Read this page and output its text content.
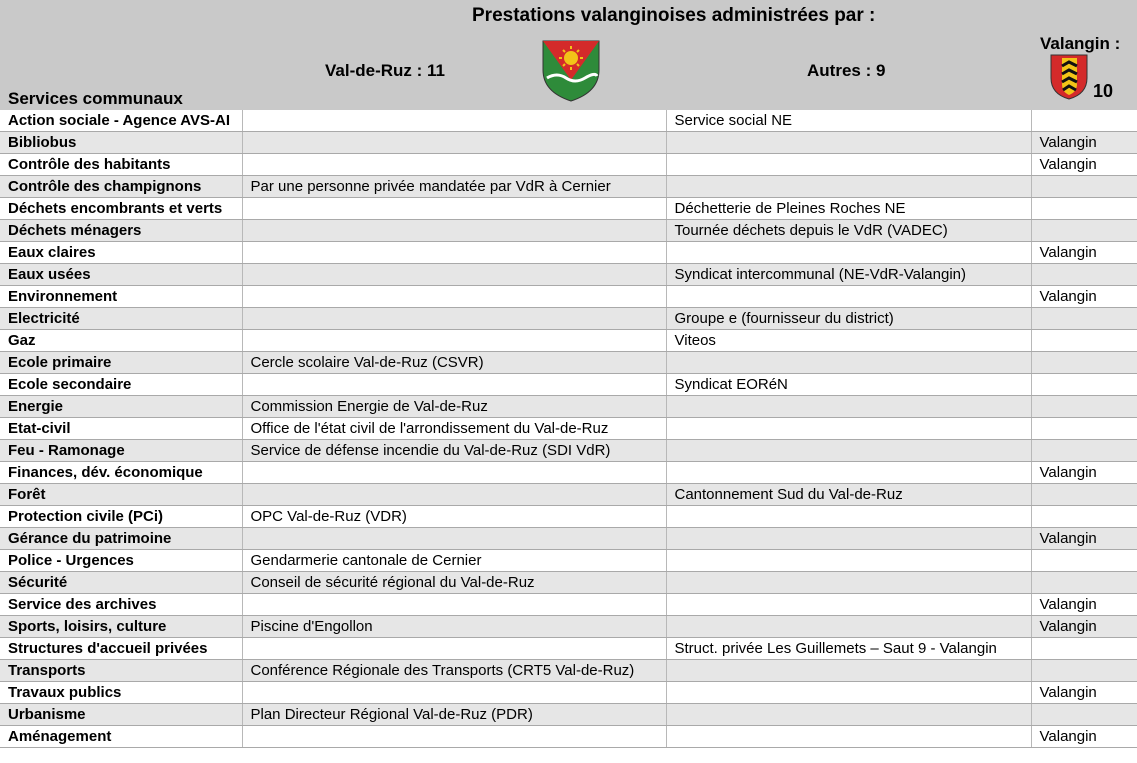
Prestations valanginoises administrées par :
Val-de-Ruz : 11	Autres : 9
Valangin :
10
Services communaux
Action sociale - Agence AVS-AI		Service social NE	
Bibliobus			Valangin
Contrôle des habitants			Valangin
Contrôle des champignons	Par une personne privée mandatée par VdR à Cernier		
Déchets encombrants et verts		Déchetterie de Pleines Roches NE	
Déchets ménagers		Tournée déchets depuis le VdR (VADEC)	
Eaux claires			Valangin
Eaux usées		Syndicat intercommunal (NE-VdR-Valangin)	
Environnement			Valangin
Electricité		Groupe e (fournisseur du district)	
Gaz		Viteos	
Ecole primaire	Cercle scolaire Val-de-Ruz (CSVR)		
Ecole secondaire		Syndicat EORéN	
Energie	Commission Energie de Val-de-Ruz		
Etat-civil	Office de l'état civil de l'arrondissement du Val-de-Ruz		
Feu - Ramonage	Service de défense incendie du Val-de-Ruz (SDI VdR)		
Finances, dév. économique			Valangin
Forêt		Cantonnement Sud du Val-de-Ruz	
Protection civile (PCi)	OPC Val-de-Ruz (VDR)		
Gérance du patrimoine			Valangin
Police - Urgences	Gendarmerie cantonale de Cernier		
Sécurité	Conseil de sécurité régional du Val-de-Ruz		
Service des archives			Valangin
Sports, loisirs, culture	Piscine d'Engollon		Valangin
Structures d'accueil privées		Struct. privée Les Guillemets – Saut 9 - Valangin	
Transports	Conférence Régionale des Transports (CRT5 Val-de-Ruz)		
Travaux publics			Valangin
Urbanisme	Plan Directeur Régional Val-de-Ruz (PDR)		
Aménagement			Valangin
